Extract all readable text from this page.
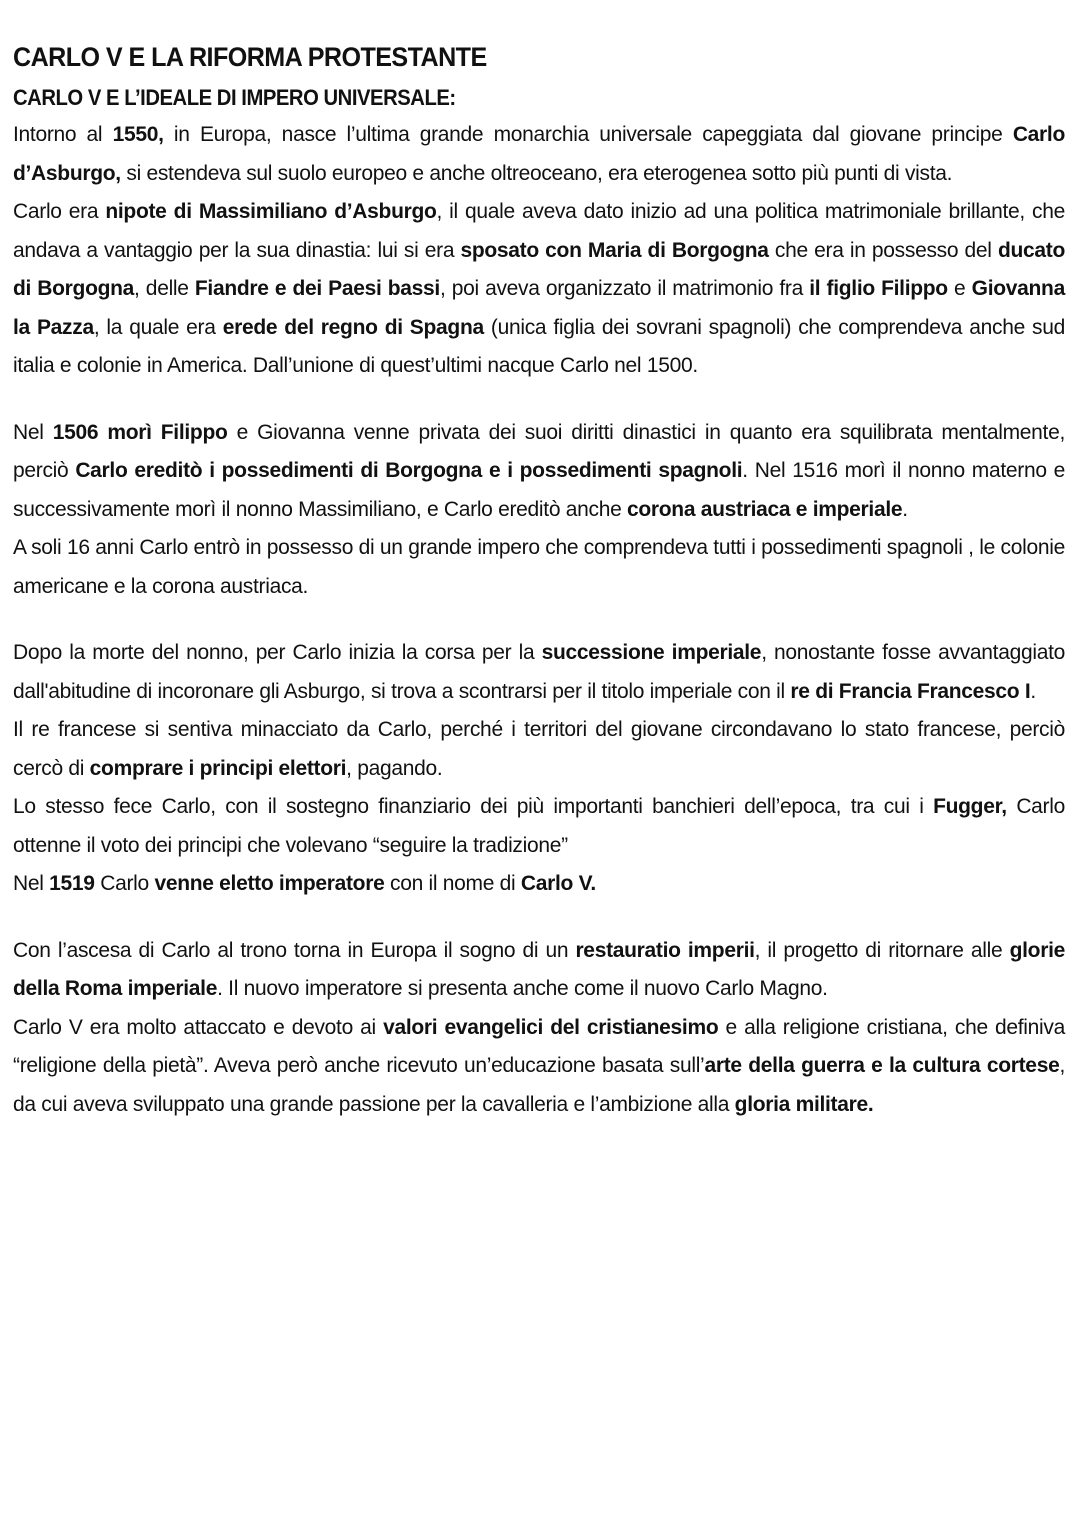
CARLO V E LA RIFORMA PROTESTANTE
CARLO V E L’IDEALE DI IMPERO UNIVERSALE:

Intorno al 1550, in Europa, nasce l’ultima grande monarchia universale capeggiata dal giovane principe Carlo d’Asburgo, si estendeva sul suolo europeo e anche oltreoceano, era eterogenea sotto più punti di vista.

Carlo era nipote di Massimiliano d’Asburgo, il quale aveva dato inizio ad una politica matrimoniale brillante, che andava a vantaggio per la sua dinastia: lui si era sposato con Maria di Borgogna che era in possesso del ducato di Borgogna, delle Fiandre e dei Paesi bassi, poi aveva organizzato il matrimonio fra il figlio Filippo e Giovanna la Pazza, la quale era erede del regno di Spagna (unica figlia dei sovrani spagnoli) che comprendeva anche sud italia e colonie in America. Dall’unione di quest’ultimi nacque Carlo nel 1500.

Nel 1506 morì Filippo e Giovanna venne privata dei suoi diritti dinastici in quanto era squilibrata mentalmente, perciò Carlo ereditò i possedimenti di Borgogna e i possedimenti spagnoli. Nel 1516 morì il nonno materno e successivamente morì il nonno Massimiliano, e Carlo ereditò anche corona austriaca e imperiale.

A soli 16 anni Carlo entrò in possesso di un grande impero che comprendeva tutti i possedimenti spagnoli , le colonie americane e la corona austriaca.

Dopo la morte del nonno, per Carlo inizia la corsa per la successione imperiale, nonostante fosse avvantaggiato dall'abitudine di incoronare gli Asburgo, si trova a scontrarsi per il titolo imperiale con il re di Francia Francesco I.

Il re francese si sentiva minacciato da Carlo, perché i territori del giovane circondavano lo stato francese, perciò cercò di comprare i principi elettori, pagando.

Lo stesso fece Carlo, con il sostegno finanziario dei più importanti banchieri dell’epoca, tra cui i Fugger, Carlo ottenne il voto dei principi che volevano “seguire la tradizione”

Nel 1519 Carlo venne eletto imperatore con il nome di Carlo V.

Con l’ascesa di Carlo al trono torna in Europa il sogno di un restauratio imperii, il progetto di ritornare alle glorie della Roma imperiale. Il nuovo imperatore si presenta anche come il nuovo Carlo Magno.

Carlo V era molto attaccato e devoto ai valori evangelici del cristianesimo e alla religione cristiana, che definiva “religione della pietà”. Aveva però anche ricevuto un’educazione basata sull’arte della guerra e la cultura cortese, da cui aveva sviluppato una grande passione per la cavalleria e l’ambizione alla gloria militare.
